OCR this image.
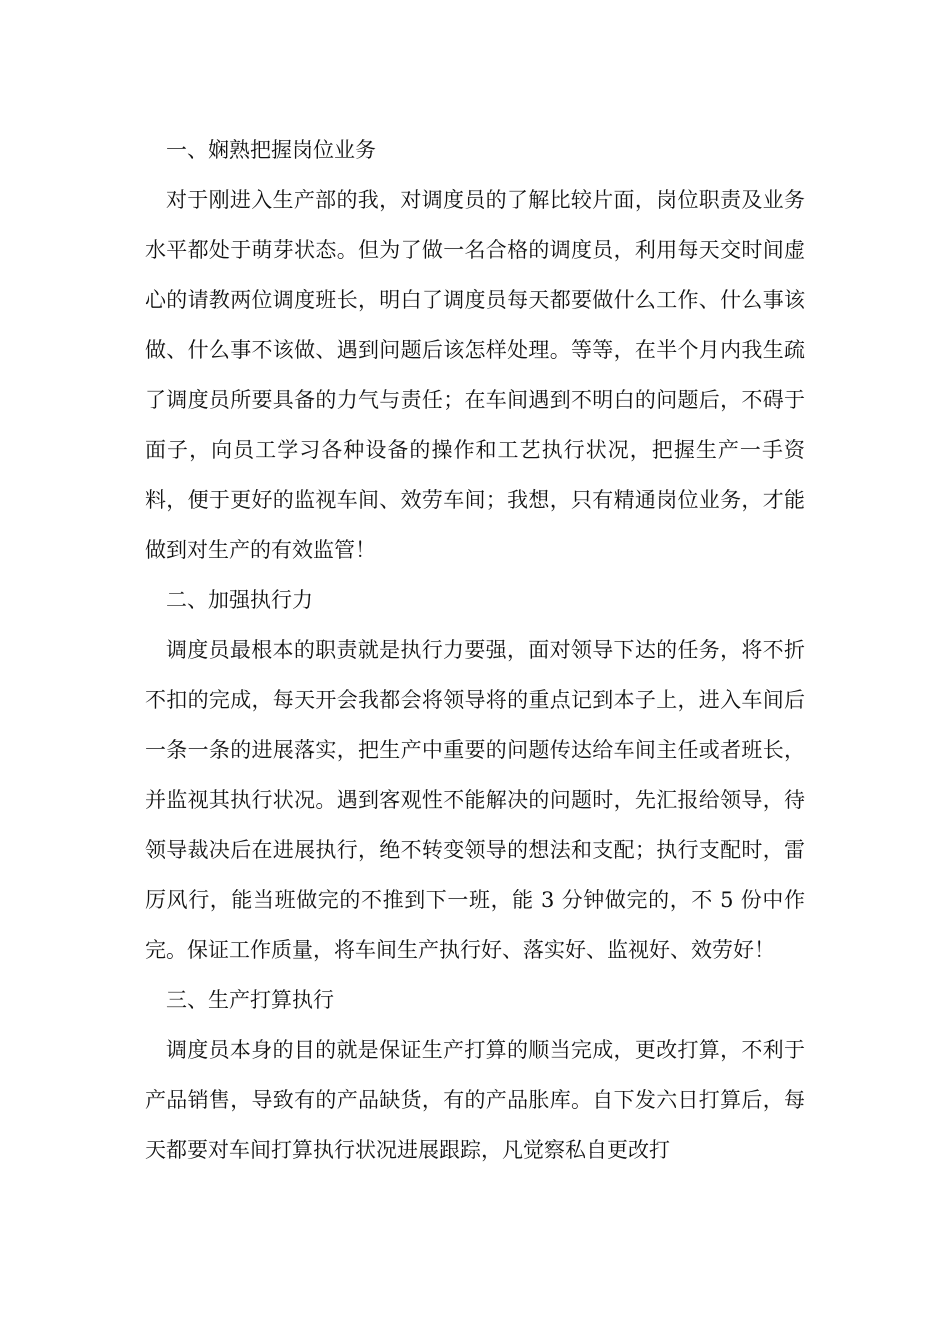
一、娴熟把握岗位业务

对于刚进入生产部的我，对调度员的了解比较片面，岗位职责及业务水平都处于萌芽状态。但为了做一名合格的调度员，利用每天交时间虚心的请教两位调度班长，明白了调度员每天都要做什么工作、什么事该做、什么事不该做、遇到问题后该怎样处理。等等，在半个月内我生疏了调度员所要具备的力气与责任；在车间遇到不明白的问题后，不碍于面子，向员工学习各种设备的操作和工艺执行状况，把握生产一手资料，便于更好的监视车间、效劳车间；我想，只有精通岗位业务，才能做到对生产的有效监管！

二、加强执行力

调度员最根本的职责就是执行力要强，面对领导下达的任务，将不折不扣的完成，每天开会我都会将领导将的重点记到本子上，进入车间后一条一条的进展落实，把生产中重要的问题传达给车间主任或者班长，并监视其执行状况。遇到客观性不能解决的问题时，先汇报给领导，待领导裁决后在进展执行，绝不转变领导的想法和支配；执行支配时，雷厉风行，能当班做完的不推到下一班，能 3 分钟做完的，不 5 份中作完。保证工作质量，将车间生产执行好、落实好、监视好、效劳好！

三、生产打算执行

调度员本身的目的就是保证生产打算的顺当完成，更改打算，不利于产品销售，导致有的产品缺货，有的产品胀库。自下发六日打算后，每天都要对车间打算执行状况进展跟踪，凡觉察私自更改打
